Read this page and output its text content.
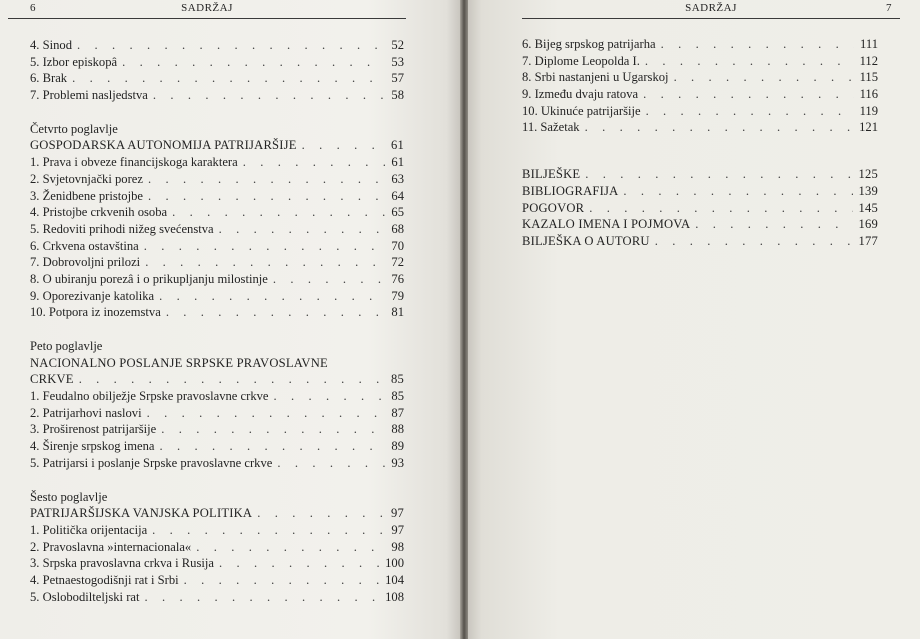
6	SADRŽAJ
4. Sinod . . .	52
5. Izbor episkopâ . . .	53
6. Brak . . .	57
7. Problemi nasljedstva . . .	58
Četvrto poglavlje
GOSPODARSKA AUTONOMIJA PATRIJARŠIJE . . .	61
1. Prava i obveze financijskoga karaktera . . .	61
2. Svjetovnjački porez . . .	63
3. Ženidbene pristojbe . . .	64
4. Pristojbe crkvenih osoba . . .	65
5. Redoviti prihodi nižeg svećenstva . . .	68
6. Crkvena ostavština . . .	70
7. Dobrovoljni prilozi . . .	72
8. O ubiranju porezâ i o prikupljanju milostinje . . .	76
9. Oporezivanje katolika . . .	79
10. Potpora iz inozemstva . . .	81
Peto poglavlje
NACIONALNO POSLANJE SRPSKE PRAVOSLAVNE
CRKVE . . .	85
1. Feudalno obilježje Srpske pravoslavne crkve . . .	85
2. Patrijarhovi naslovi . . .	87
3. Proširenost patrijaršije . . .	88
4. Širenje srpskog imena . . .	89
5. Patrijarsi i poslanje Srpske pravoslavne crkve . . .	93
Šesto poglavlje
PATRIJARŠIJSKA VANJSKA POLITIKA . . .	97
1. Politička orijentacija . . .	97
2. Pravoslavna »internacionala« . . .	98
3. Srpska pravoslavna crkva i Rusija . . .	100
4. Petnaestogodišnji rat i Srbi . . .	104
5. Oslobodilteljski rat . . .	108
SADRŽAJ	7
6. Bijeg srpskog patrijarha . . .	111
7. Diplome Leopolda I. . . .	112
8. Srbi nastanjeni u Ugarskoj . . .	115
9. Između dvaju ratova . . .	116
10. Ukinuće patrijaršije . . .	119
11. Sažetak . . .	121
BILJEŠKE . . .	125
BIBLIOGRAFIJA . . .	139
POGOVOR . . .	145
KAZALO IMENA I POJMOVA . . .	169
BILJEŠKA O AUTORU . . .	177
